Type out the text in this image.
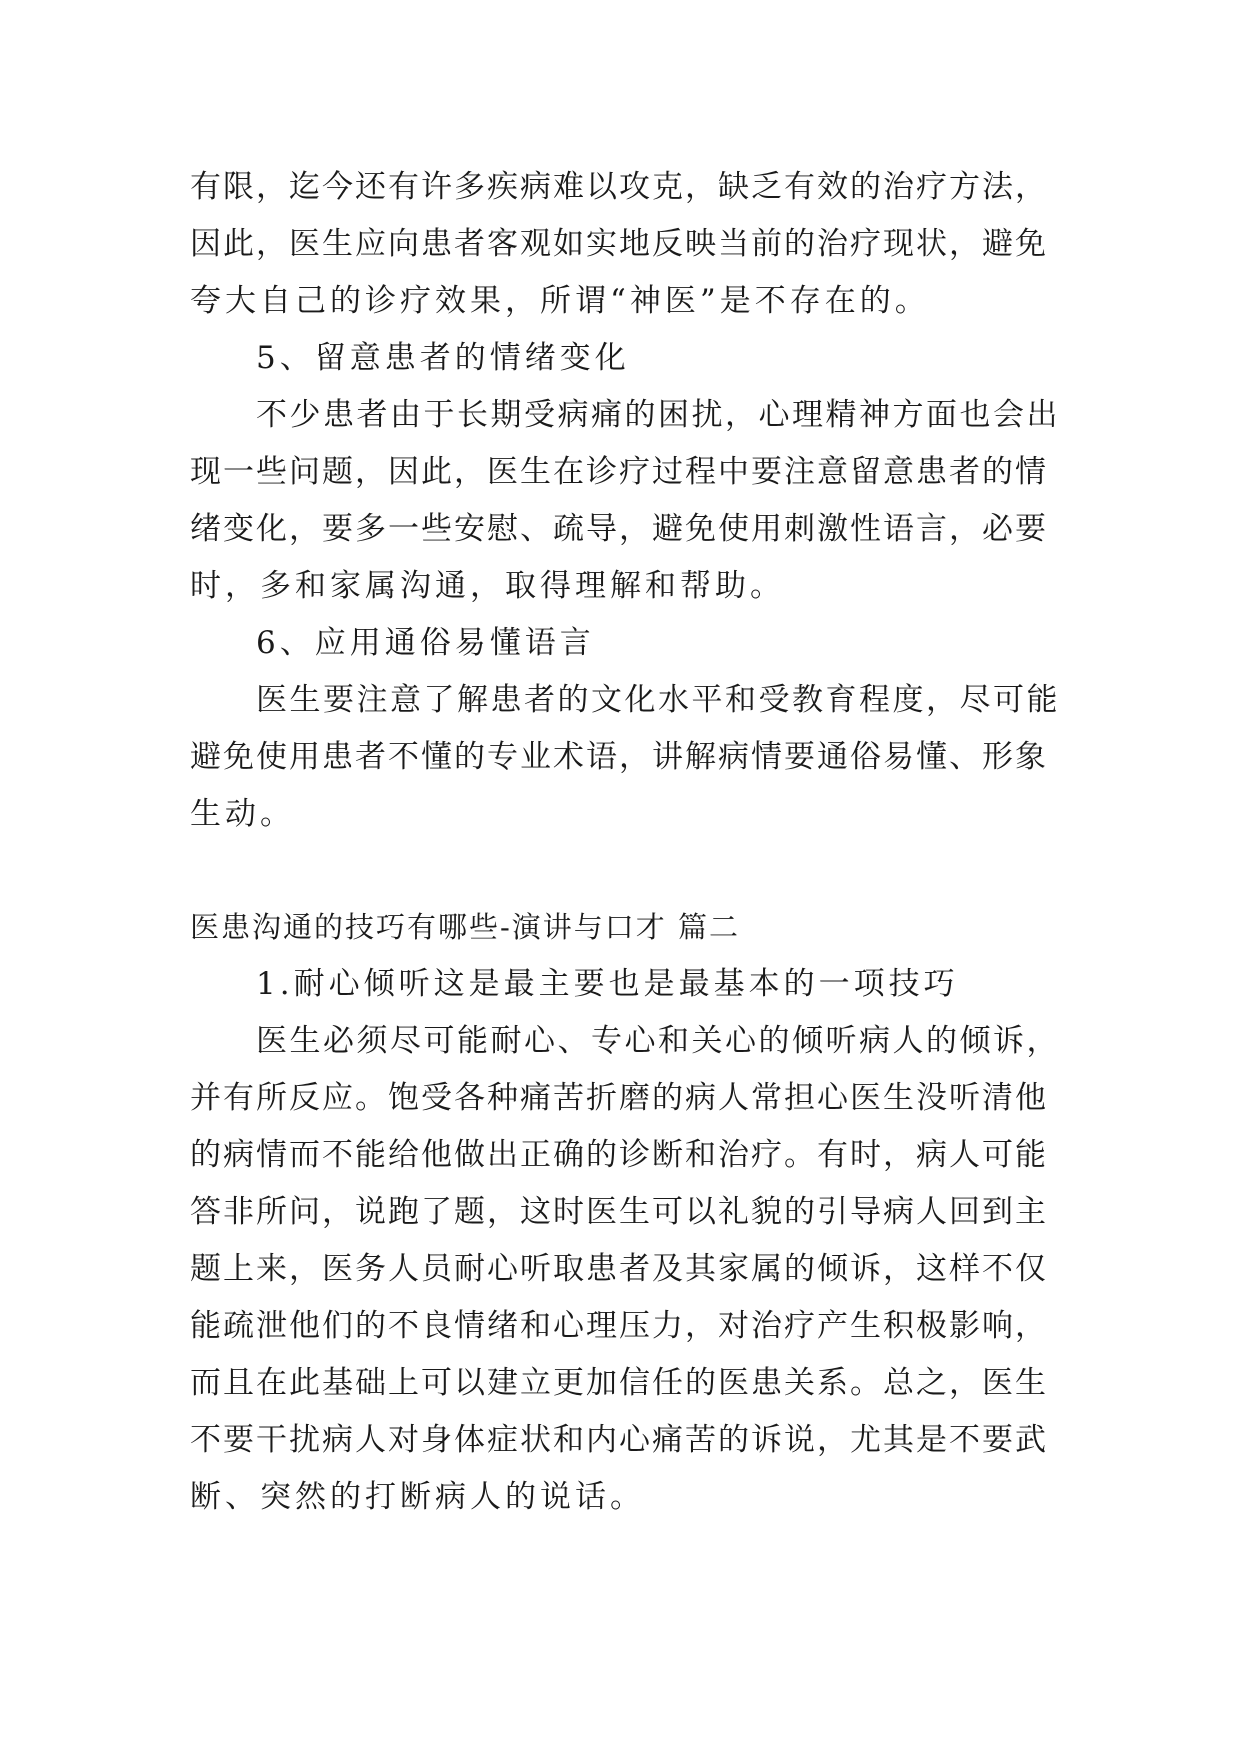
有限，迄今还有许多疾病难以攻克，缺乏有效的治疗方法，
因此，医生应向患者客观如实地反映当前的治疗现状，避免
夸大自己的诊疗效果，所谓“神医”是不存在的。
5、留意患者的情绪变化
不少患者由于长期受病痛的困扰，心理精神方面也会出
现一些问题，因此，医生在诊疗过程中要注意留意患者的情
绪变化，要多一些安慰、疏导，避免使用刺激性语言，必要
时，多和家属沟通，取得理解和帮助。
6、应用通俗易懂语言
医生要注意了解患者的文化水平和受教育程度，尽可能
避免使用患者不懂的专业术语，讲解病情要通俗易懂、形象
生动。
医患沟通的技巧有哪些-演讲与口才 篇二
1.耐心倾听这是最主要也是最基本的一项技巧
医生必须尽可能耐心、专心和关心的倾听病人的倾诉，
并有所反应。饱受各种痛苦折磨的病人常担心医生没听清他
的病情而不能给他做出正确的诊断和治疗。有时，病人可能
答非所问，说跑了题，这时医生可以礼貌的引导病人回到主
题上来，医务人员耐心听取患者及其家属的倾诉，这样不仅
能疏泄他们的不良情绪和心理压力，对治疗产生积极影响，
而且在此基础上可以建立更加信任的医患关系。总之，医生
不要干扰病人对身体症状和内心痛苦的诉说，尤其是不要武
断、突然的打断病人的说话。
